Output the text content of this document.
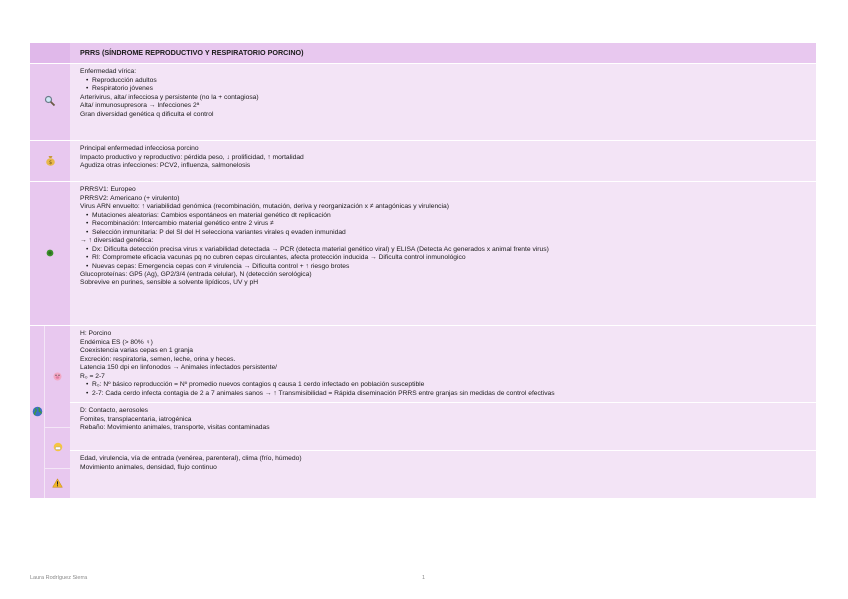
PRRS (SÍNDROME REPRODUCTIVO Y RESPIRATORIO PORCINO)
Enfermedad vírica:
• Reproducción adultos
• Respiratorio jóvenes
Arterivirus, alta/ infecciosa y persistente (no la + contagiosa)
Alta/ inmunosupresora → Infecciones 2ª
Gran diversidad genética q dificulta el control
$
Principal enfermedad infecciosa porcino
Impacto productivo y reproductivo: pérdida peso, ↓ prolificidad, ↑ mortalidad
Agudiza otras infecciones: PCV2, influenza, salmonelosis
PRRSV1: Europeo
PRRSV2: Americano (+ virulento)
Virus ARN envuelto: ↑ variabilidad genómica (recombinación, mutación, deriva y reorganización x ≠ antagónicas y virulencia)
• Mutaciones aleatorias: Cambios espontáneos en material genético dt replicación
• Recombinación: Intercambio material genético entre 2 virus ≠
• Selección inmunitaria: P del SI del H selecciona variantes virales q evaden inmunidad
→ ↑ diversidad genética:
• Dx: Dificulta detección precisa virus x variabilidad detectada → PCR (detecta material genético viral) y ELISA (Detecta Ac generados x animal frente virus)
• RI: Compromete eficacia vacunas pq no cubren cepas circulantes, afecta protección inducida → Dificulta control inmunológico
• Nuevas cepas: Emergencia cepas con ≠ virulencia → Dificulta control + ↑ riesgo brotes
Glucoproteínas: GP5 (Ag), GP2/3/4 (entrada celular), N (detección serológica)
Sobrevive en purines, sensible a solvente lipídicos, UV y pH
H: Porcino
Endémica ES (> 80% ♀)
Coexistencia varias cepas en 1 granja
Excreción: respiratoria, semen, leche, orina y heces.
Latencia 150 dpi en linfonodos → Animales infectados persistente/
R₀ = 2-7
• R₀: Nº básico reproducción = Nº promedio nuevos contagios q causa 1 cerdo infectado en población susceptible
• 2-7: Cada cerdo infecta contagia de 2 a 7 animales sanos → ↑ Transmisibilidad = Rápida diseminación PRRS entre granjas sin medidas de control efectivas
D: Contacto, aerosoles
Fomites, transplacentaria, iatrogénica
Rebaño: Movimiento animales, transporte, visitas contaminadas
Edad, virulencia, vía de entrada (venérea, parenteral), clima (frío, húmedo)
Movimiento animales, densidad, flujo continuo
Laura Rodríguez Sierra	1
